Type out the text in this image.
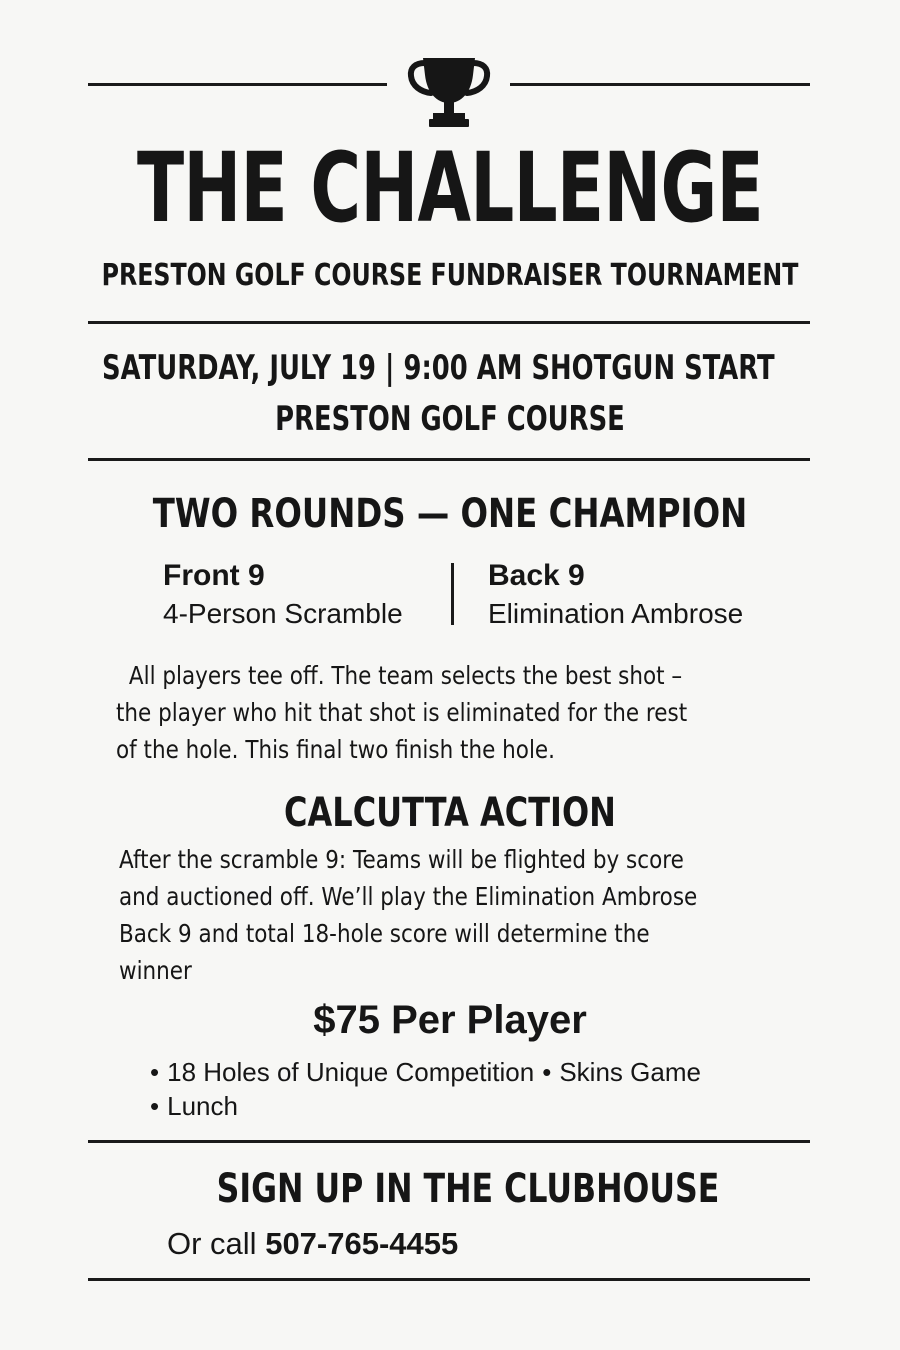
THE CHALLENGE
PRESTON GOLF COURSE FUNDRAISER TOURNAMENT
SATURDAY, JULY 19 | 9:00 AM SHOTGUN START
PRESTON GOLF COURSE
TWO ROUNDS — ONE CHAMPION
Front 9
4-Person Scramble
Back 9
Elimination Ambrose
All players tee off. The team selects the best shot –
the player who hit that shot is eliminated for the rest
of the hole. This final two finish the hole.
CALCUTTA ACTION
After the scramble 9: Teams will be flighted by score
and auctioned off. We’ll play the Elimination Ambrose
Back 9 and total 18-hole score will determine the
winner
$75 Per Player
• 18 Holes of Unique Competition • Skins Game
• Lunch
SIGN UP IN THE CLUBHOUSE
Or call 507-765-4455
